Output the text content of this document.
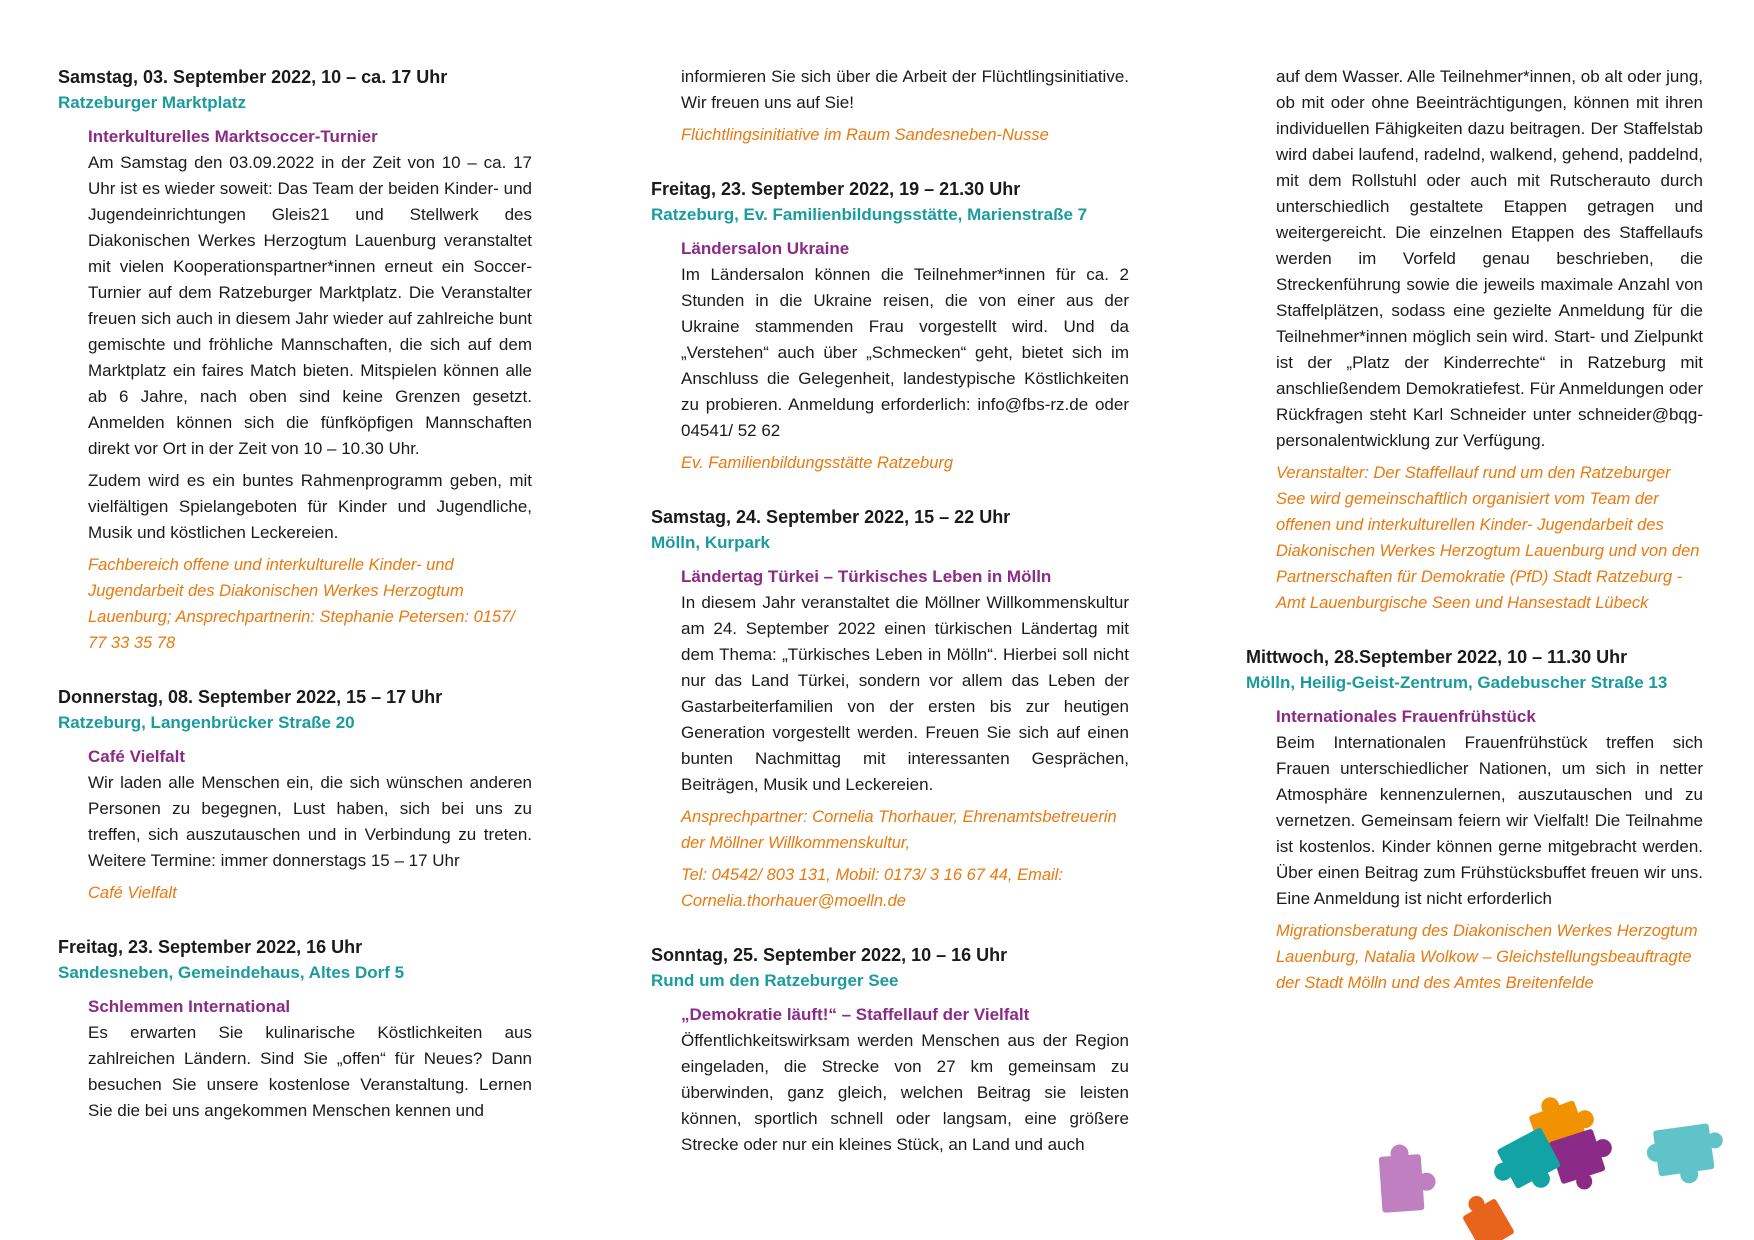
Samstag, 03. September 2022, 10 – ca. 17 Uhr
Ratzeburger Marktplatz
Interkulturelles Marktsoccer-Turnier
Am Samstag den 03.09.2022 in der Zeit von 10 – ca. 17 Uhr ist es wieder soweit: Das Team der beiden Kinder- und Jugendeinrichtungen Gleis21 und Stellwerk des Diakonischen Werkes Herzogtum Lauenburg veranstaltet mit vielen Kooperationspartner*innen erneut ein Soccer-Turnier auf dem Ratzeburger Marktplatz. Die Veranstalter freuen sich auch in diesem Jahr wieder auf zahlreiche bunt gemischte und fröhliche Mannschaften, die sich auf dem Marktplatz ein faires Match bieten. Mitspielen können alle ab 6 Jahre, nach oben sind keine Grenzen gesetzt. Anmelden können sich die fünfköpfigen Mannschaften direkt vor Ort in der Zeit von 10 – 10.30 Uhr.
Zudem wird es ein buntes Rahmenprogramm geben, mit vielfältigen Spielangeboten für Kinder und Jugendliche, Musik und köstlichen Leckereien.
Fachbereich offene und interkulturelle Kinder- und Jugendarbeit des Diakonischen Werkes Herzogtum Lauenburg; Ansprechpartnerin: Stephanie Petersen: 0157/ 77 33 35 78
Donnerstag, 08. September 2022, 15 – 17 Uhr
Ratzeburg, Langenbrücker Straße 20
Café Vielfalt
Wir laden alle Menschen ein, die sich wünschen anderen Personen zu begegnen, Lust haben, sich bei uns zu treffen, sich auszutauschen und in Verbindung zu treten. Weitere Termine: immer donnerstags 15 – 17 Uhr
Café Vielfalt
Freitag, 23. September 2022, 16 Uhr
Sandesneben, Gemeindehaus, Altes Dorf 5
Schlemmen International
Es erwarten Sie kulinarische Köstlichkeiten aus zahlreichen Ländern. Sind Sie „offen“ für Neues? Dann besuchen Sie unsere kostenlose Veranstaltung. Lernen Sie die bei uns angekommen Menschen kennen und
informieren Sie sich über die Arbeit der Flüchtlingsinitiative. Wir freuen uns auf Sie!
Flüchtlingsinitiative im Raum Sandesneben-Nusse
Freitag, 23. September 2022, 19 – 21.30 Uhr
Ratzeburg, Ev. Familienbildungsstätte, Marienstraße 7
Ländersalon Ukraine
Im Ländersalon können die Teilnehmer*innen für ca. 2 Stunden in die Ukraine reisen, die von einer aus der Ukraine stammenden Frau vorgestellt wird. Und da „Verstehen“ auch über „Schmecken“ geht, bietet sich im Anschluss die Gelegenheit, landestypische Köstlichkeiten zu probieren. Anmeldung erforderlich: info@fbs-rz.de oder 04541/ 52 62
Ev. Familienbildungsstätte Ratzeburg
Samstag, 24. September 2022, 15 – 22 Uhr
Mölln, Kurpark
Ländertag Türkei – Türkisches Leben in Mölln
In diesem Jahr veranstaltet die Möllner Willkommenskultur am 24. September 2022 einen türkischen Ländertag mit dem Thema: „Türkisches Leben in Mölln“. Hierbei soll nicht nur das Land Türkei, sondern vor allem das Leben der Gastarbeiterfamilien von der ersten bis zur heutigen Generation vorgestellt werden. Freuen Sie sich auf einen bunten Nachmittag mit interessanten Gesprächen, Beiträgen, Musik und Leckereien.
Ansprechpartner: Cornelia Thorhauer, Ehrenamtsbetreuerin der Möllner Willkommenskultur,
Tel: 04542/ 803 131, Mobil: 0173/ 3 16 67 44, Email: Cornelia.thorhauer@moelln.de
Sonntag, 25. September 2022, 10 – 16 Uhr
Rund um den Ratzeburger See
„Demokratie läuft!“ – Staffellauf der Vielfalt
Öffentlichkeitswirksam werden Menschen aus der Region eingeladen, die Strecke von 27 km gemeinsam zu überwinden, ganz gleich, welchen Beitrag sie leisten können, sportlich schnell oder langsam, eine größere Strecke oder nur ein kleines Stück, an Land und auch
auf dem Wasser. Alle Teilnehmer*innen, ob alt oder jung, ob mit oder ohne Beeinträchtigungen, können mit ihren individuellen Fähigkeiten dazu beitragen. Der Staffelstab wird dabei laufend, radelnd, walkend, gehend, paddelnd, mit dem Rollstuhl oder auch mit Rutscherauto durch unterschiedlich gestaltete Etappen getragen und weitergereicht. Die einzelnen Etappen des Staffellaufs werden im Vorfeld genau beschrieben, die Streckenführung sowie die jeweils maximale Anzahl von Staffelplätzen, sodass eine gezielte Anmeldung für die Teilnehmer*innen möglich sein wird. Start- und Zielpunkt ist der „Platz der Kinderrechte“ in Ratzeburg mit anschließendem Demokratiefest. Für Anmeldungen oder Rückfragen steht Karl Schneider unter schneider@bqg-personalentwicklung zur Verfügung.
Veranstalter: Der Staffellauf rund um den Ratzeburger See wird gemeinschaftlich organisiert vom Team der offenen und interkulturellen Kinder- Jugendarbeit des Diakonischen Werkes Herzogtum Lauenburg und von den Partnerschaften für Demokratie (PfD) Stadt Ratzeburg - Amt Lauenburgische Seen und Hansestadt Lübeck
Mittwoch, 28.September 2022, 10 – 11.30 Uhr
Mölln, Heilig-Geist-Zentrum, Gadebuscher Straße 13
Internationales Frauenfrühstück
Beim Internationalen Frauenfrühstück treffen sich Frauen unterschiedlicher Nationen, um sich in netter Atmosphäre kennenzulernen, auszutauschen und zu vernetzen. Gemeinsam feiern wir Vielfalt! Die Teilnahme ist kostenlos. Kinder können gerne mitgebracht werden. Über einen Beitrag zum Frühstücksbuffet freuen wir uns. Eine Anmeldung ist nicht erforderlich
Migrationsberatung des Diakonischen Werkes Herzogtum Lauenburg, Natalia Wolkow – Gleichstellungsbeauftragte der Stadt Mölln und des Amtes Breitenfelde
